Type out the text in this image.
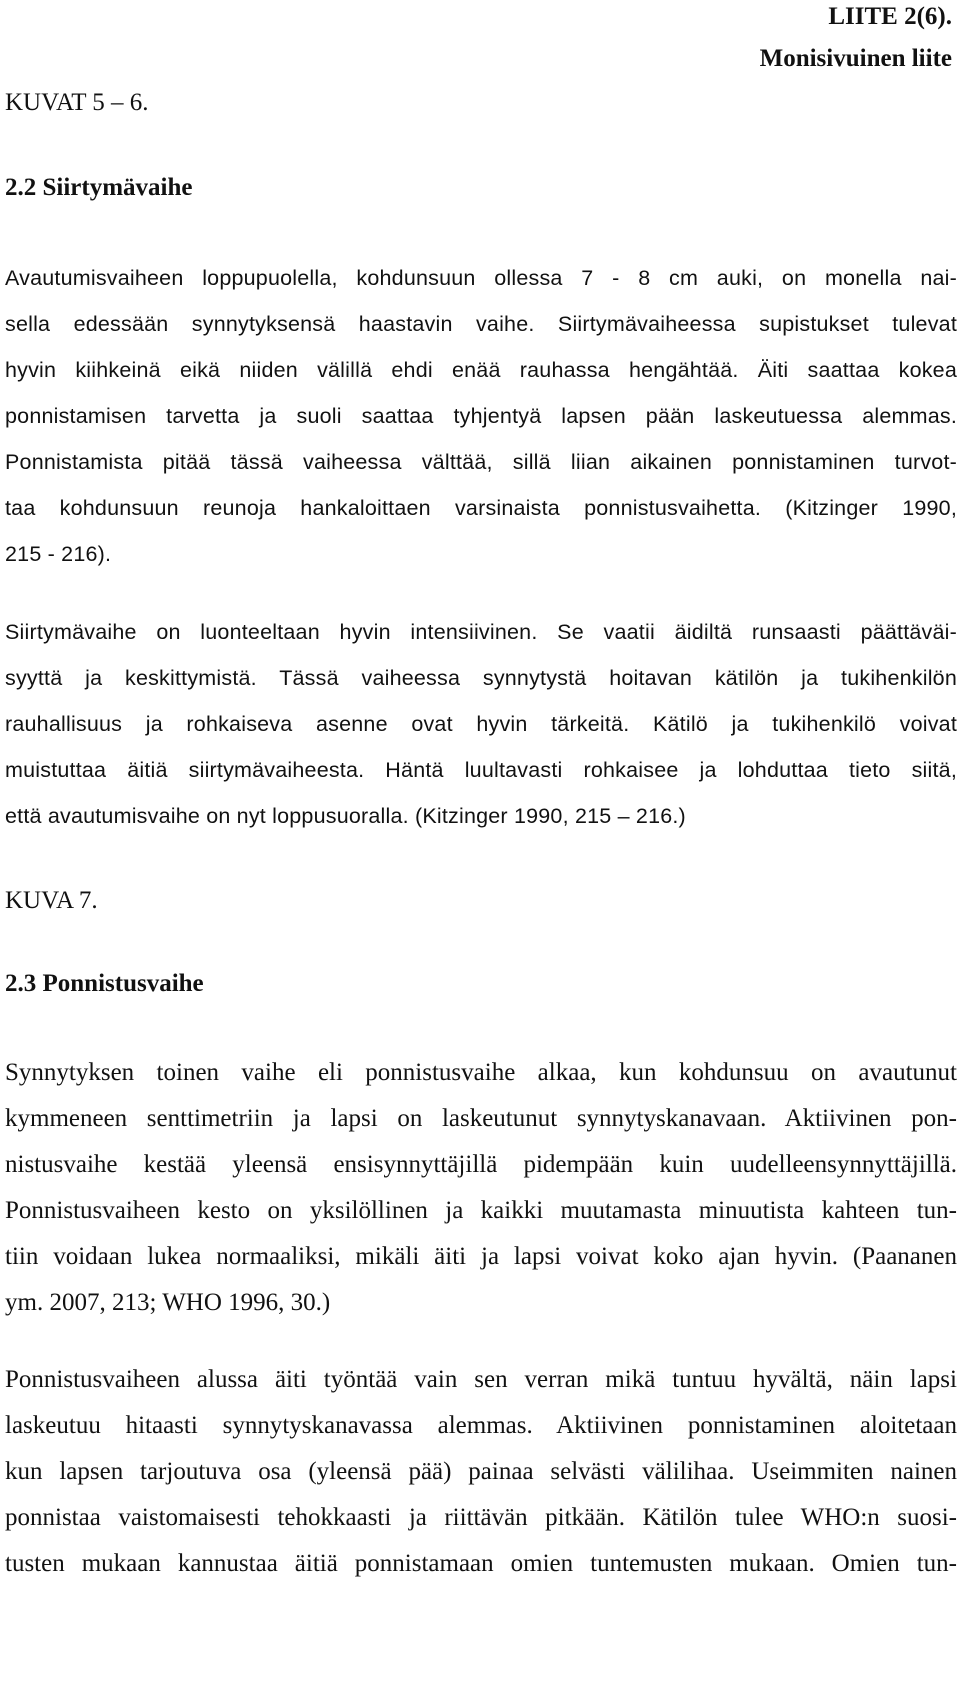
LIITE 2(6).
Monisivuinen liite
KUVAT 5 – 6.
2.2 Siirtymävaihe
Avautumisvaiheen loppupuolella, kohdunsuun ollessa 7 - 8 cm auki, on monella nai-
sella edessään synnytyksensä haastavin vaihe. Siirtymävaiheessa supistukset tulevat
hyvin kiihkeinä eikä niiden välillä ehdi enää rauhassa hengähtää. Äiti saattaa kokea
ponnistamisen tarvetta ja suoli saattaa tyhjentyä lapsen pään laskeutuessa alemmas.
Ponnistamista pitää tässä vaiheessa välttää, sillä liian aikainen ponnistaminen turvot-
taa kohdunsuun reunoja hankaloittaen varsinaista ponnistusvaihetta. (Kitzinger 1990,
215 - 216).
Siirtymävaihe on luonteeltaan hyvin intensiivinen. Se vaatii äidiltä runsaasti päättäväi-
syyttä ja keskittymistä. Tässä vaiheessa synnytystä hoitavan kätilön ja tukihenkilön
rauhallisuus ja rohkaiseva asenne ovat hyvin tärkeitä. Kätilö ja tukihenkilö voivat
muistuttaa äitiä siirtymävaiheesta. Häntä luultavasti rohkaisee ja lohduttaa tieto siitä,
että avautumisvaihe on nyt loppusuoralla. (Kitzinger 1990, 215 – 216.)
KUVA 7.
2.3 Ponnistusvaihe
Synnytyksen toinen vaihe eli ponnistusvaihe alkaa, kun kohdunsuu on avautunut
kymmeneen senttimetriin ja lapsi on laskeutunut synnytyskanavaan. Aktiivinen pon-
nistusvaihe kestää yleensä ensisynnyttäjillä pidempään kuin uudelleensynnyttäjillä.
Ponnistusvaiheen kesto on yksilöllinen ja kaikki muutamasta minuutista kahteen tun-
tiin voidaan lukea normaaliksi, mikäli äiti ja lapsi voivat koko ajan hyvin. (Paananen
ym. 2007, 213; WHO 1996, 30.)
Ponnistusvaiheen alussa äiti työntää vain sen verran mikä tuntuu hyvältä, näin lapsi
laskeutuu hitaasti synnytyskanavassa alemmas. Aktiivinen ponnistaminen aloitetaan
kun lapsen tarjoutuva osa (yleensä pää) painaa selvästi välilihaa. Useimmiten nainen
ponnistaa vaistomaisesti tehokkaasti ja riittävän pitkään. Kätilön tulee WHO:n suosi-
tusten mukaan kannustaa äitiä ponnistamaan omien tuntemusten mukaan. Omien tun-
